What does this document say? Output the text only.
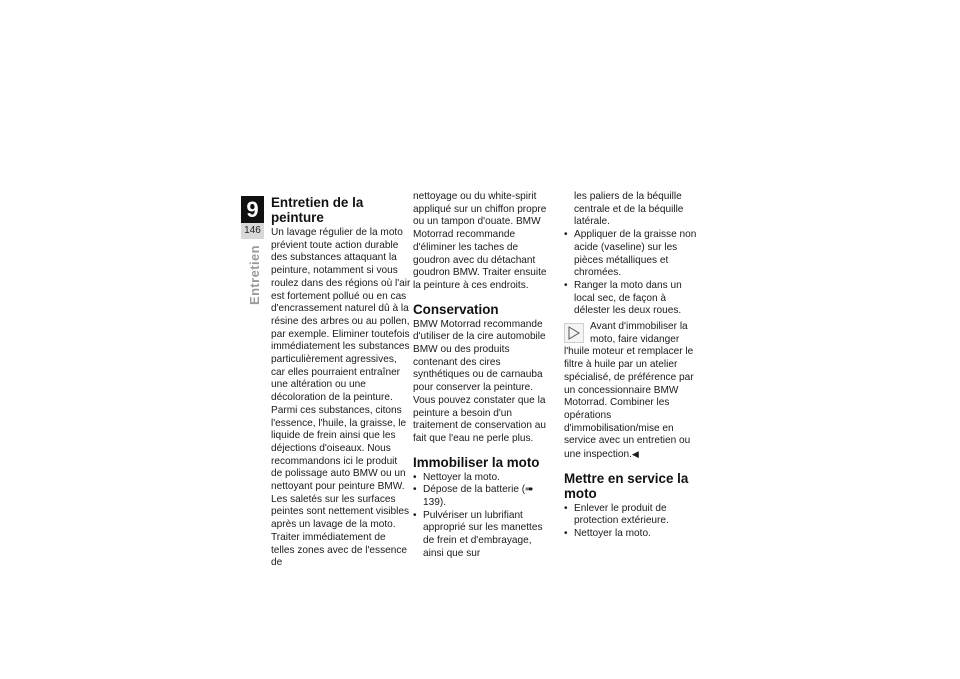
9
146
Entretien
Entretien de la peinture

Un lavage régulier de la moto prévient toute action durable des substances attaquant la peinture, notamment si vous roulez dans des régions où l'air est fortement pollué ou en cas d'encrassement naturel dû à la résine des arbres ou au pollen, par exemple. Eliminer toutefois immédiatement les substances particulièrement agressives, car elles pourraient entraîner une altération ou une décoloration de la peinture. Parmi ces substances, citons l'essence, l'huile, la graisse, le liquide de frein ainsi que les déjections d'oiseaux. Nous recommandons ici le produit de polissage auto BMW ou un nettoyant pour peinture BMW.

Les saletés sur les surfaces peintes sont nettement visibles après un lavage de la moto. Traiter immédiatement de telles zones avec de l'essence de

nettoyage ou du white-spirit appliqué sur un chiffon propre ou un tampon d'ouate. BMW Motorrad recommande d'éliminer les taches de goudron avec du détachant goudron BMW. Traiter ensuite la peinture à ces endroits.

Conservation

BMW Motorrad recommande d'utiliser de la cire automobile BMW ou des produits contenant des cires synthétiques ou de carnauba pour conserver la peinture. Vous pouvez constater que la peinture a besoin d'un traitement de conservation au fait que l'eau ne perle plus.

Immobiliser la moto
• Nettoyer la moto.
• Dépose de la batterie (➠ 139).
• Pulvériser un lubrifiant approprié sur les manettes de frein et d'embrayage, ainsi que sur
les paliers de la béquille centrale et de la béquille latérale.
• Appliquer de la graisse non acide (vaseline) sur les pièces métalliques et chromées.
• Ranger la moto dans un local sec, de façon à délester les deux roues.
Avant d'immobiliser la moto, faire vidanger l'huile moteur et remplacer le filtre à huile par un atelier spécialisé, de préférence par un concessionnaire BMW Motorrad. Combiner les opérations d'immobilisation/mise en service avec un entretien ou une inspection.◀
Mettre en service la moto
• Enlever le produit de protection extérieure.
• Nettoyer la moto.
